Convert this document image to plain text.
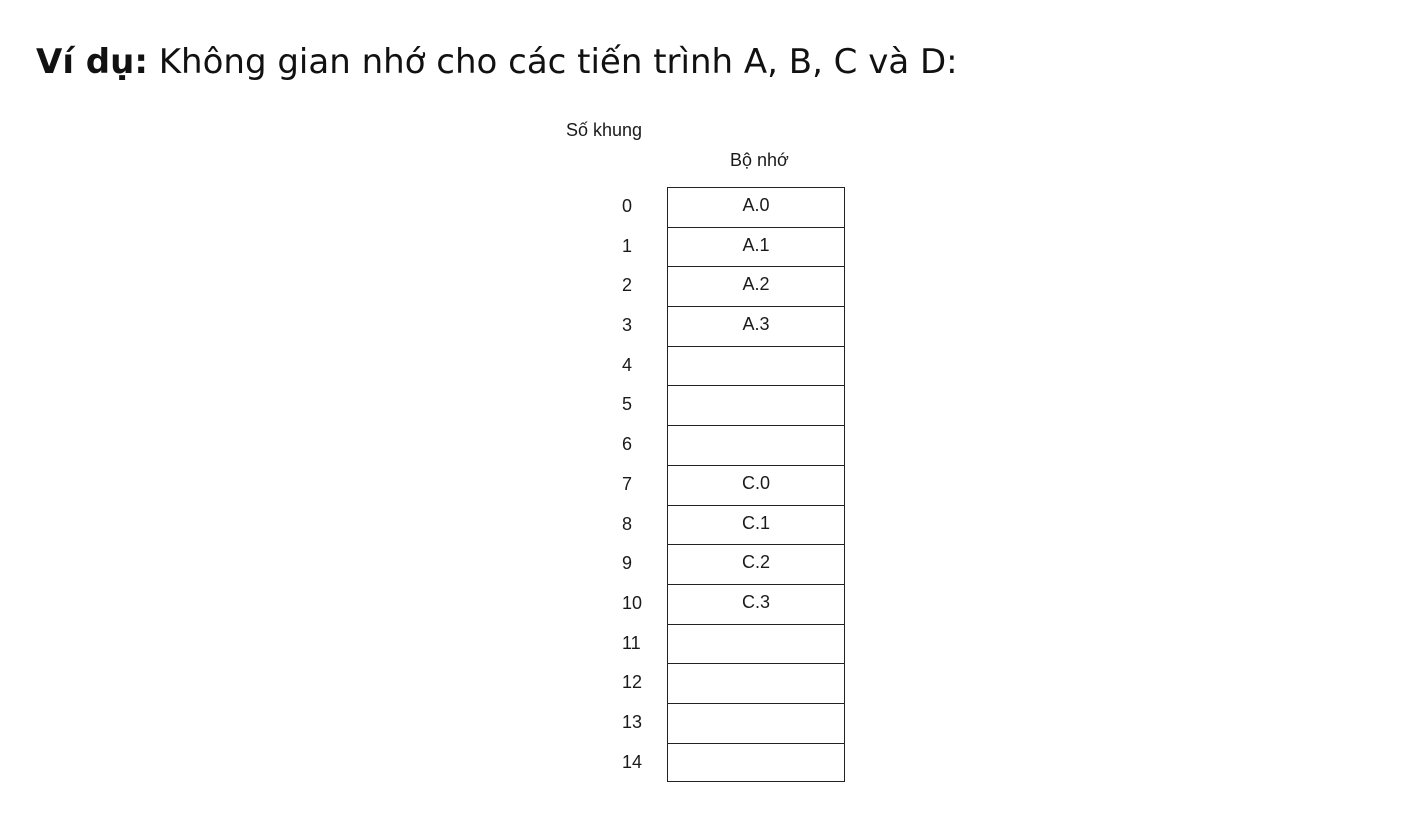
Ví dụ: Không gian nhớ cho các tiến trình A, B, C và D:
Số khung
Bộ nhớ
0	A.0
1	A.1
2	A.2
3	A.3
4
5
6
7	C.0
8	C.1
9	C.2
10	C.3
11
12
13
14
